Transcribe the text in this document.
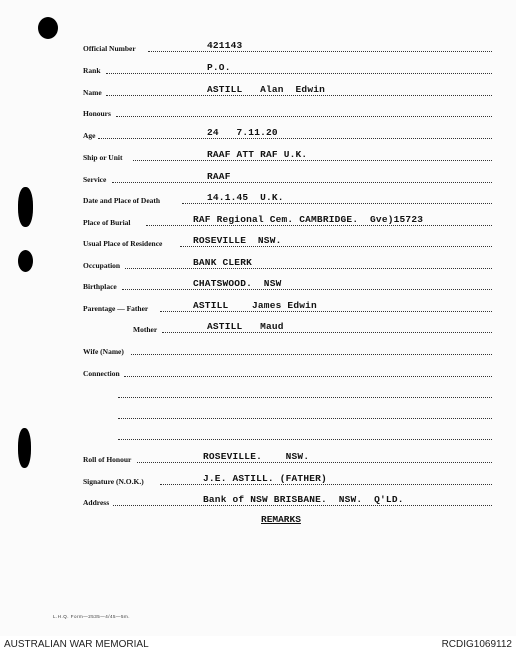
Official Number	421143
Rank	P.O.
Name	ASTILL   Alan  Edwin
Honours
Age	24   7.11.20
Ship or Unit	RAAF ATT RAF U.K.
Service	RAAF
Date and Place of Death	14.1.45  U.K.
Place of Burial	RAF Regional Cem. CAMBRIDGE.  Gve)15723
Usual Place of Residence	ROSEVILLE  NSW.
Occupation	BANK CLERK
Birthplace	CHATSWOOD.  NSW
Parentage — Father	ASTILL    James Edwin
Mother	ASTILL   Maud
Wife (Name)
Connection
Roll of Honour	ROSEVILLE.    NSW.
Signature (N.O.K.)	J.E. ASTILL. (FATHER)
Address	Bank of NSW BRISBANE.  NSW.  Q'LD.
REMARKS
L.H.Q. Form—2535—4/45—5m.
AUSTRALIAN WAR MEMORIAL	RCDIG1069112
